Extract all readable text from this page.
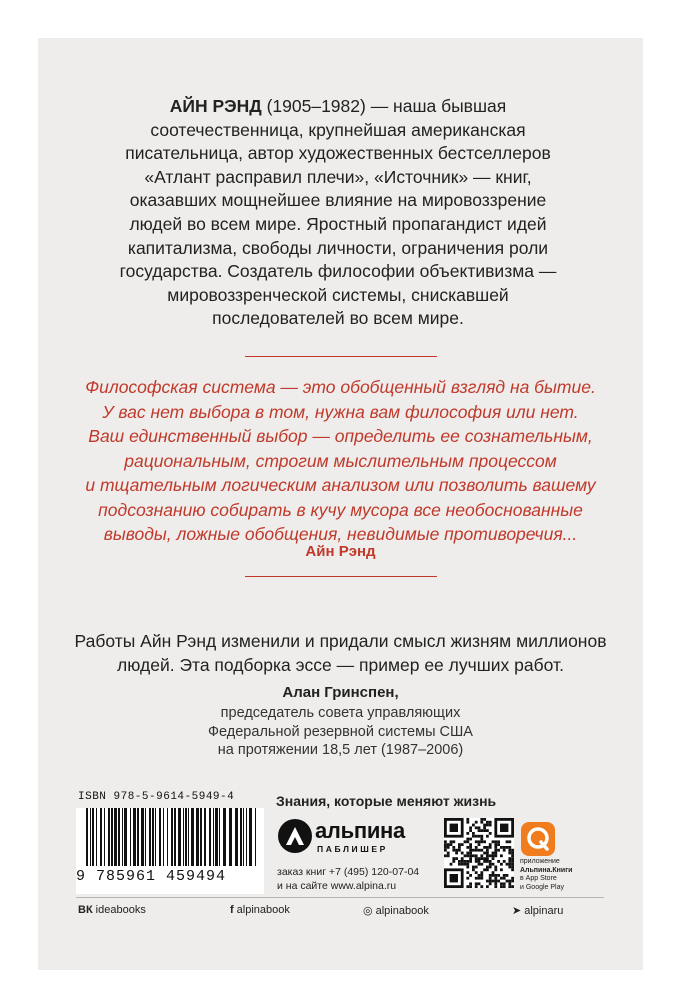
АЙН РЭНД (1905–1982) — наша бывшая
соотечественница, крупнейшая американская
писательница, автор художественных бестселлеров
«Атлант расправил плечи», «Источник» — книг,
оказавших мощнейшее влияние на мировоззрение
людей во всем мире. Яростный пропагандист идей
капитализма, свободы личности, ограничения роли
государства. Создатель философии объективизма —
мировоззренческой системы, снискавшей
последователей во всем мире.
Философская система — это обобщенный взгляд на бытие.
У вас нет выбора в том, нужна вам философия или нет.
Ваш единственный выбор — определить ее сознательным,
рациональным, строгим мыслительным процессом
и тщательным логическим анализом или позволить вашему
подсознанию собирать в кучу мусора все необоснованные
выводы, ложные обобщения, невидимые противоречия...
Айн Рэнд
Работы Айн Рэнд изменили и придали смысл жизням миллионов
людей. Эта подборка эссе — пример ее лучших работ.
Алан Гринспен,
председатель совета управляющих
Федеральной резервной системы США
на протяжении 18,5 лет (1987–2006)
ISBN 978-5-9614-5949-4
9 785961 459494
Знания, которые меняют жизнь
альпина
ПАБЛИШЕР
заказ книг +7 (495) 120-07-04
и на сайте www.alpina.ru
приложение
Альпина.Книги
в App Store
и Google Play
ВК ideabooks	f alpinabook	◎ alpinabook	➤ alpinaru
